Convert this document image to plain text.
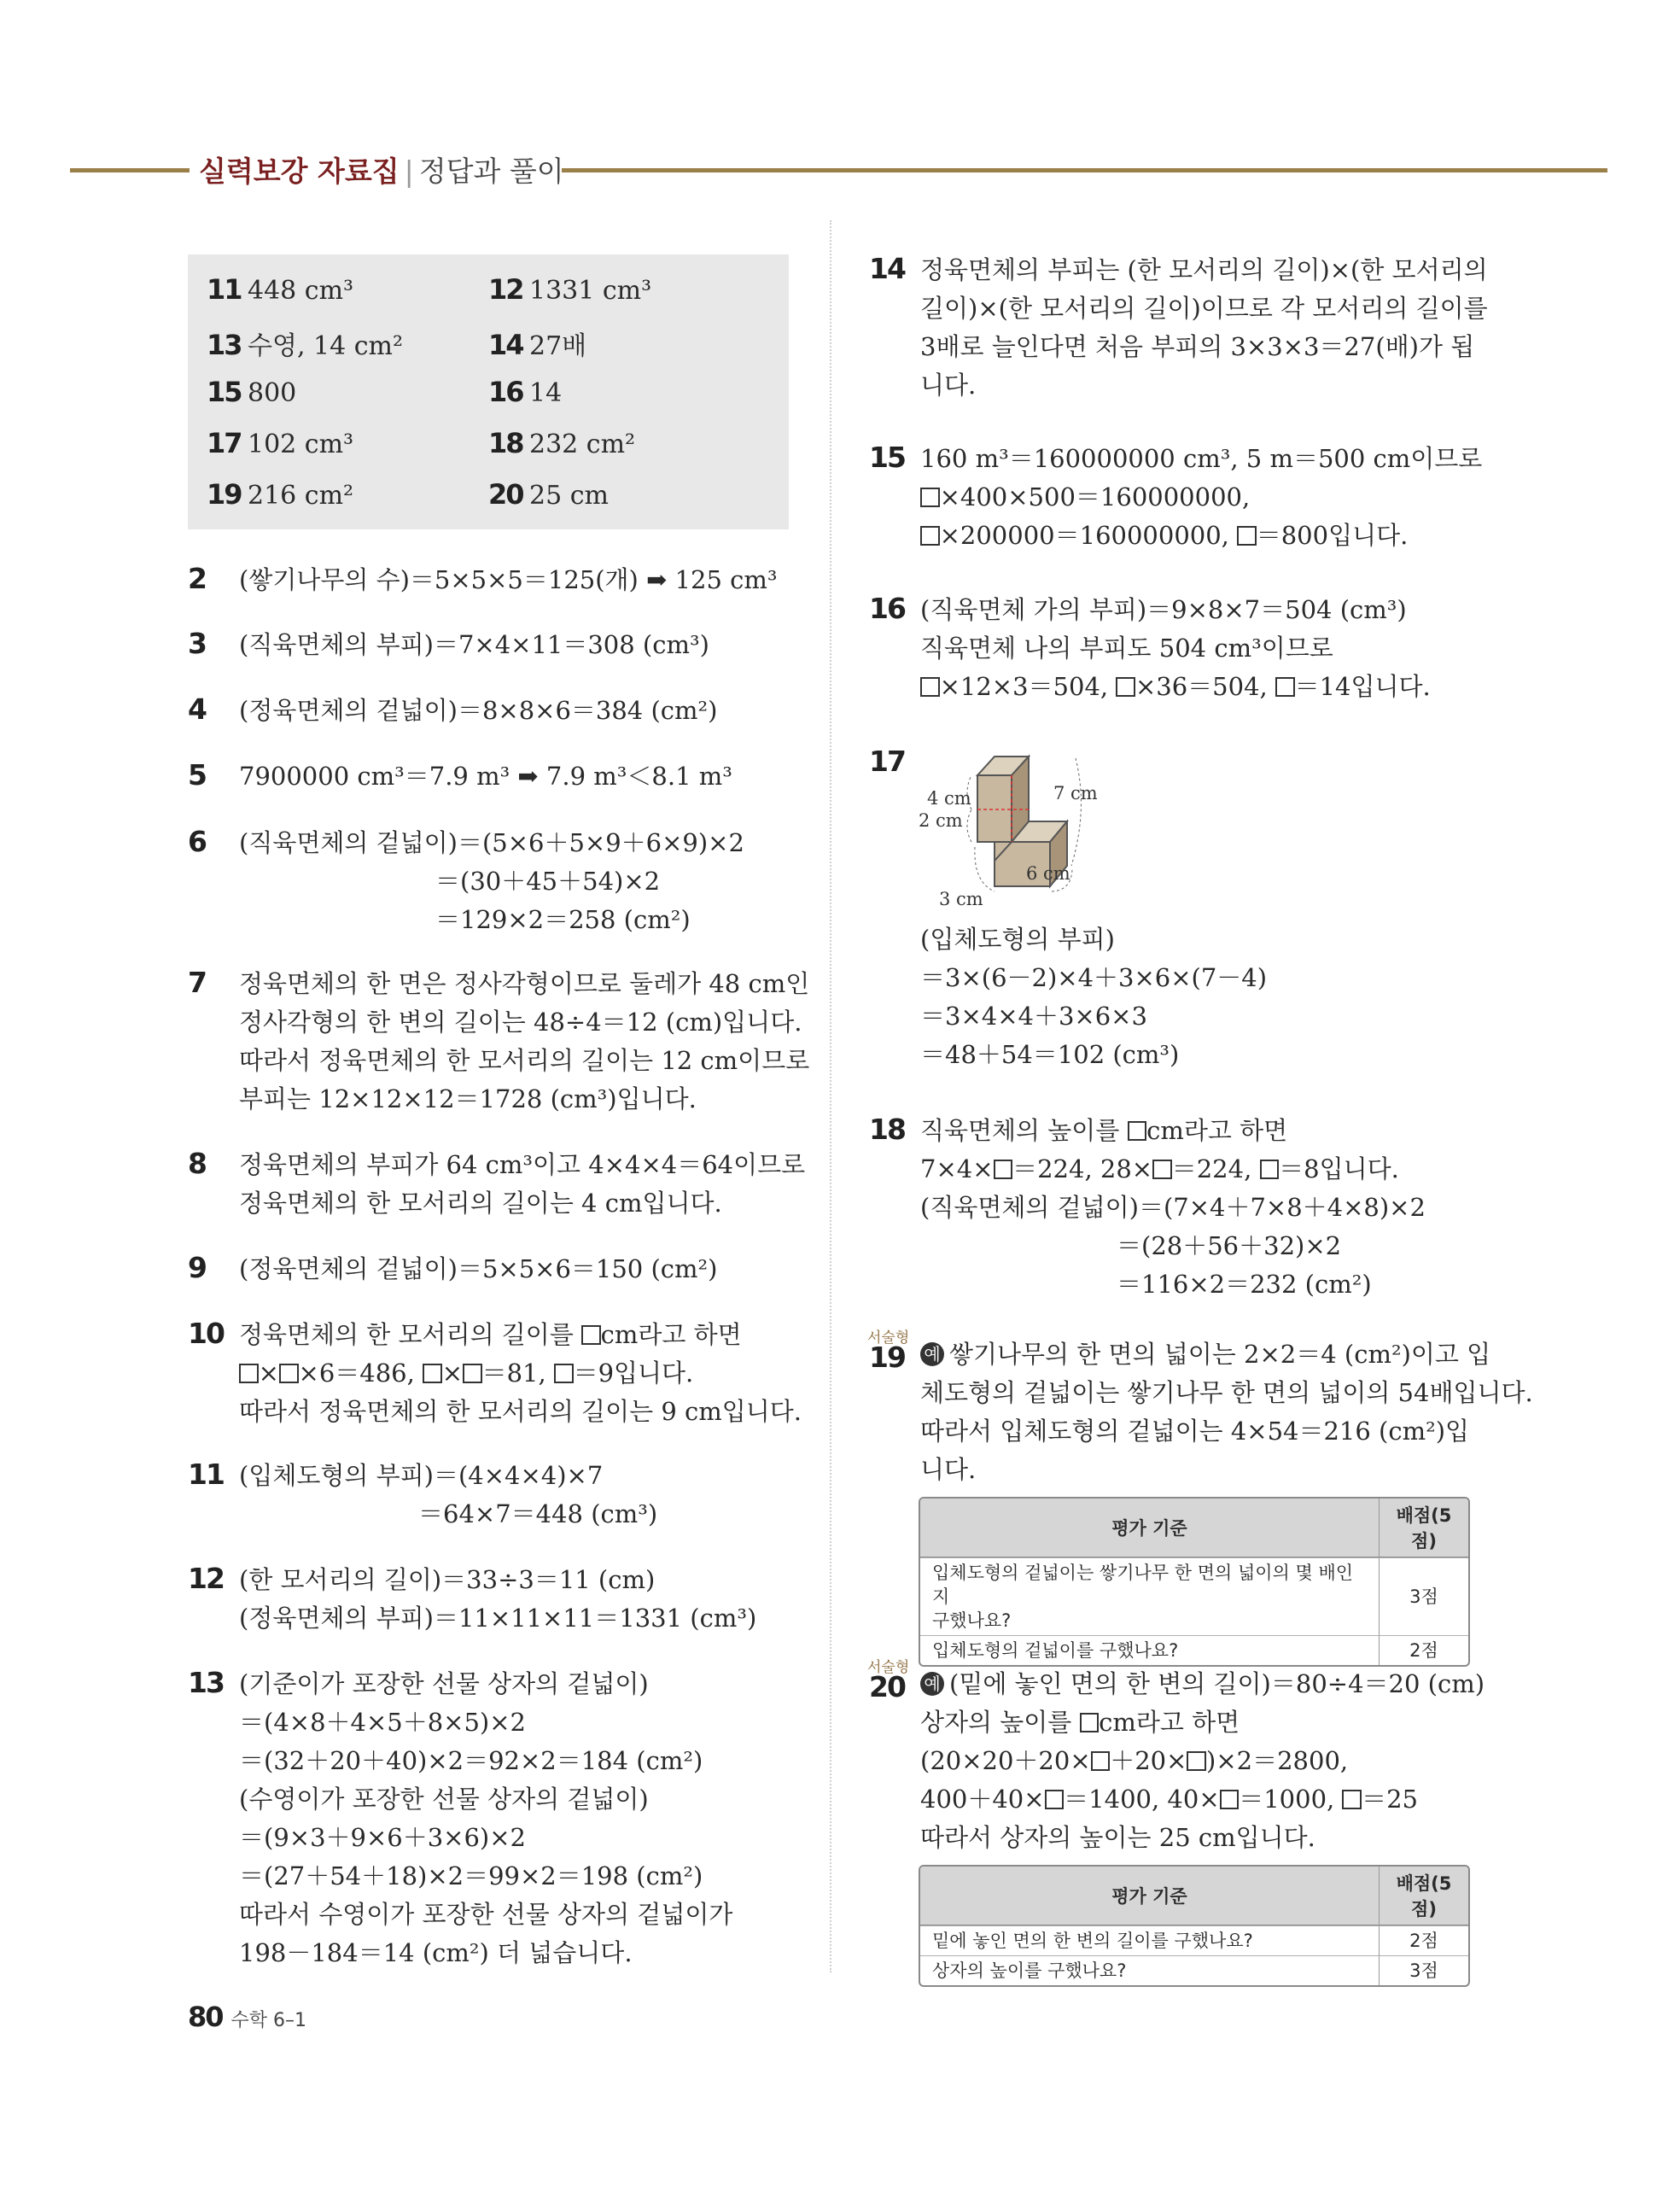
실력보강 자료집 | 정답과 풀이
11 448 cm³	12 1331 cm³
13 수영, 14 cm²	14 27배
15 800	16 14
17 102 cm³	18 232 cm²
19 216 cm²	20 25 cm
2 (쌓기나무의 수)＝5×5×5＝125(개) ➡ 125 cm³
3 (직육면체의 부피)＝7×4×11＝308 (cm³)
4 (정육면체의 겉넓이)＝8×8×6＝384 (cm²)
5 7900000 cm³＝7.9 m³ ➡ 7.9 m³＜8.1 m³
6 (직육면체의 겉넓이)＝(5×6＋5×9＋6×9)×2
＝(30＋45＋54)×2
＝129×2＝258 (cm²)
7 정육면체의 한 면은 정사각형이므로 둘레가 48 cm인
정사각형의 한 변의 길이는 48÷4＝12 (cm)입니다.
따라서 정육면체의 한 모서리의 길이는 12 cm이므로
부피는 12×12×12＝1728 (cm³)입니다.
8 정육면체의 부피가 64 cm³이고 4×4×4＝64이므로
정육면체의 한 모서리의 길이는 4 cm입니다.
9 (정육면체의 겉넓이)＝5×5×6＝150 (cm²)
10 정육면체의 한 모서리의 길이를 cm라고 하면
× ×6＝486, × ＝81, ＝9입니다.
따라서 정육면체의 한 모서리의 길이는 9 cm입니다.
11 (입체도형의 부피)＝(4×4×4)×7
＝64×7＝448 (cm³)
12 (한 모서리의 길이)＝33÷3＝11 (cm)
(정육면체의 부피)＝11×11×11＝1331 (cm³)
13 (기준이가 포장한 선물 상자의 겉넓이)
＝(4×8＋4×5＋8×5)×2
＝(32＋20＋40)×2＝92×2＝184 (cm²)
(수영이가 포장한 선물 상자의 겉넓이)
＝(9×3＋9×6＋3×6)×2
＝(27＋54＋18)×2＝99×2＝198 (cm²)
따라서 수영이가 포장한 선물 상자의 겉넓이가
198－184＝14 (cm²) 더 넓습니다.
14 정육면체의 부피는 (한 모서리의 길이)×(한 모서리의
길이)×(한 모서리의 길이)이므로 각 모서리의 길이를
3배로 늘인다면 처음 부피의 3×3×3＝27(배)가 됩
니다.
15 160 m³＝160000000 cm³, 5 m＝500 cm이므로
×400×500＝160000000,
×200000＝160000000, ＝800입니다.
16 (직육면체 가의 부피)＝9×8×7＝504 (cm³)
직육면체 나의 부피도 504 cm³이므로
×12×3＝504, ×36＝504, ＝14입니다.
17
4 cm
2 cm
7 cm
6 cm
3 cm
(입체도형의 부피)
＝3×(6－2)×4＋3×6×(7－4)
＝3×4×4＋3×6×3
＝48＋54＝102 (cm³)
18 직육면체의 높이를 cm라고 하면
7×4× ＝224, 28× ＝224, ＝8입니다.
(직육면체의 겉넓이)＝(7×4＋7×8＋4×8)×2
＝(28＋56＋32)×2
＝116×2＝232 (cm²)
서술형
19 예 쌓기나무의 한 면의 넓이는 2×2＝4 (cm²)이고 입
체도형의 겉넓이는 쌓기나무 한 면의 넓이의 54배입니다.
따라서 입체도형의 겉넓이는 4×54＝216 (cm²)입
니다.
평가 기준	배점(5점)

입체도형의 겉넓이는 쌓기나무 한 면의 넓이의 몇 배인지
구했나요?	3점
입체도형의 겉넓이를 구했나요?	2점
서술형
20 예 (밑에 놓인 면의 한 변의 길이)＝80÷4＝20 (cm)
상자의 높이를 cm라고 하면
(20×20＋20× ＋20× )×2＝2800,
400＋40× ＝1400, 40× ＝1000, ＝25
따라서 상자의 높이는 25 cm입니다.
평가 기준	배점(5점)
밑에 놓인 면의 한 변의 길이를 구했나요?	2점
상자의 높이를 구했나요?	3점
80 수학 6–1
